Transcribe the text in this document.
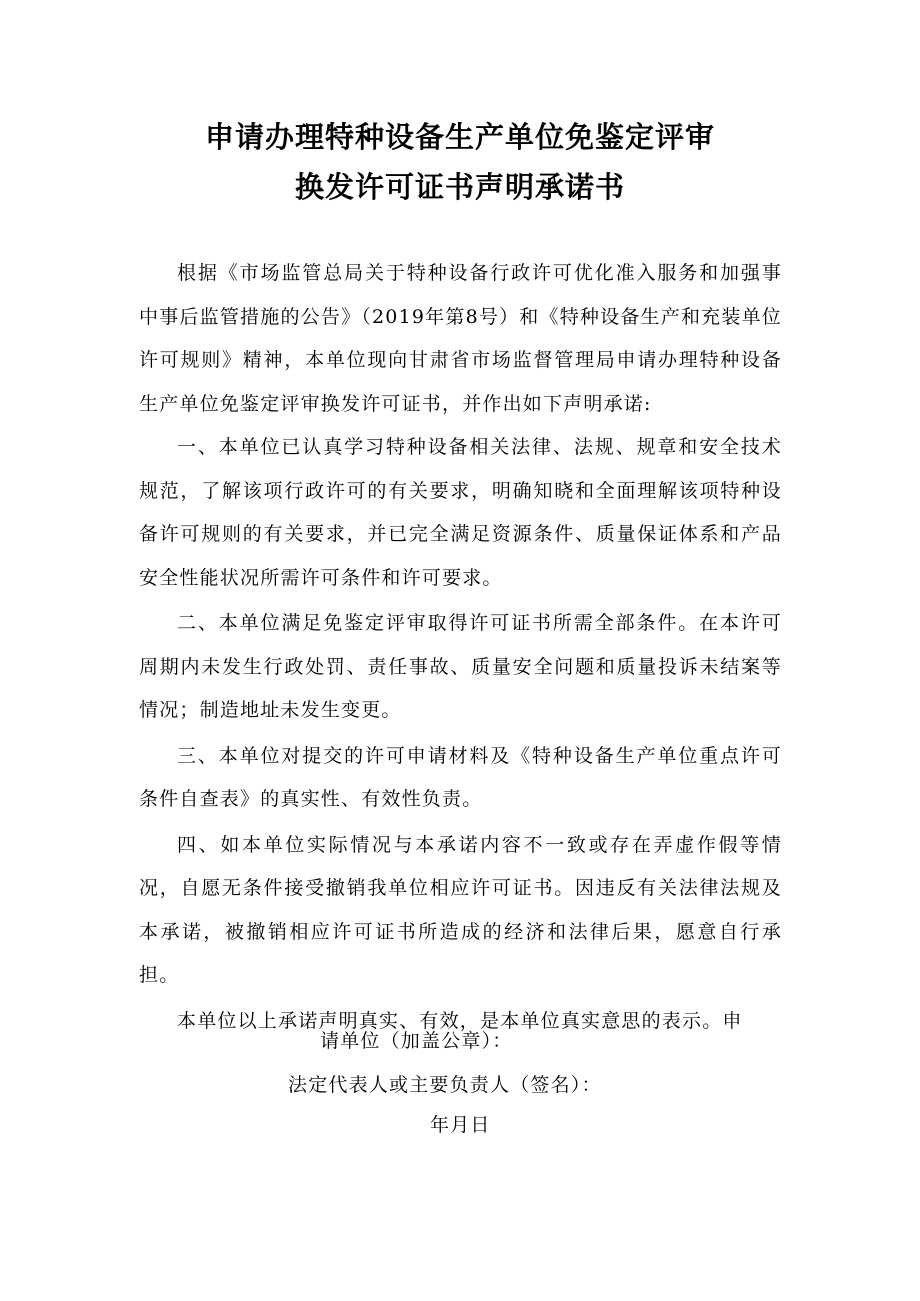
申请办理特种设备生产单位免鉴定评审
换发许可证书声明承诺书

根据《市场监管总局关于特种设备行政许可优化准入服务和加强事中事后监管措施的公告》（2019年第8号）和《特种设备生产和充装单位许可规则》精神，本单位现向甘肃省市场监督管理局申请办理特种设备生产单位免鉴定评审换发许可证书，并作出如下声明承诺:

一、本单位已认真学习特种设备相关法律、法规、规章和安全技术规范，了解该项行政许可的有关要求，明确知晓和全面理解该项特种设备许可规则的有关要求，并已完全满足资源条件、质量保证体系和产品安全性能状况所需许可条件和许可要求。

二、本单位满足免鉴定评审取得许可证书所需全部条件。在本许可周期内未发生行政处罚、责任事故、质量安全问题和质量投诉未结案等情况；制造地址未发生变更。

三、本单位对提交的许可申请材料及《特种设备生产单位重点许可条件自查表》的真实性、有效性负责。

四、如本单位实际情况与本承诺内容不一致或存在弄虚作假等情况，自愿无条件接受撤销我单位相应许可证书。因违反有关法律法规及本承诺，被撤销相应许可证书所造成的经济和法律后果，愿意自行承担。

本单位以上承诺声明真实、有效，是本单位真实意思的表示。申

请单位（加盖公章）：
法定代表人或主要负责人（签名）：
年月日
